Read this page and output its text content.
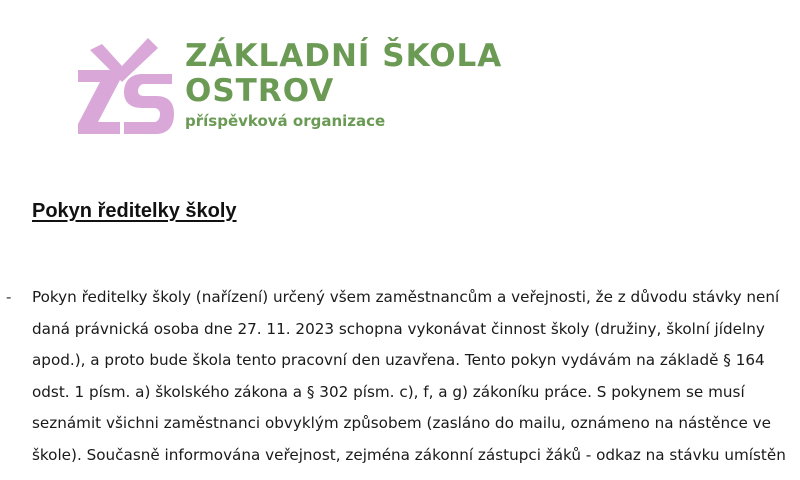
ZÁKLADNÍ ŠKOLA
OSTROV
příspěvková organizace
Pokyn ředitelky školy
- Pokyn ředitelky školy (nařízení) určený všem zaměstnancům a veřejnosti, že z důvodu stávky není
daná právnická osoba dne 27. 11. 2023 schopna vykonávat činnost školy (družiny, školní jídelny
apod.), a proto bude škola tento pracovní den uzavřena. Tento pokyn vydávám na základě § 164
odst. 1 písm. a) školského zákona a § 302 písm. c), f, a g) zákoníku práce. S pokynem se musí
seznámit všichni zaměstnanci obvyklým způsobem (zasláno do mailu, oznámeno na nástěnce ve
škole). Současně informována veřejnost, zejména zákonní zástupci žáků - odkaz na stávku umístěn
